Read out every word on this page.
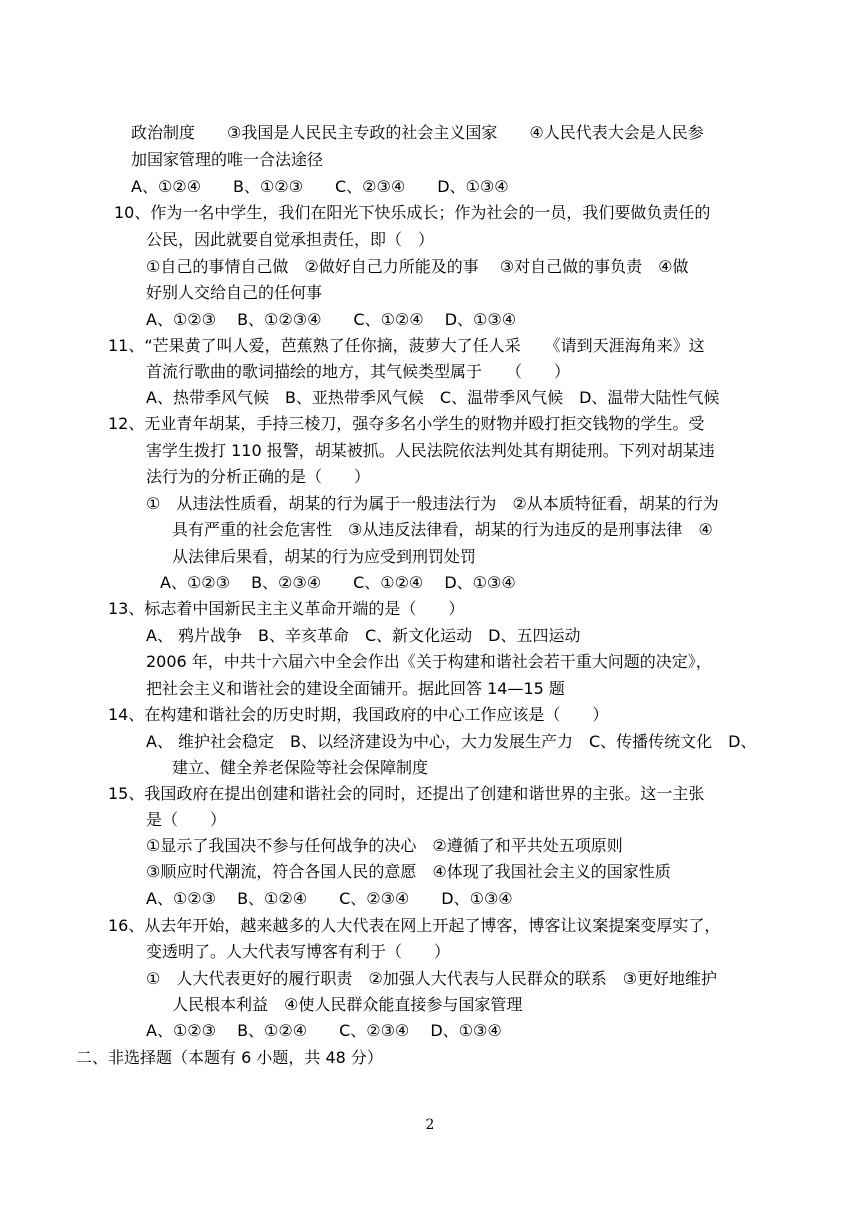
政治制度　　③我国是人民民主专政的社会主义国家　　④人民代表大会是人民参
加国家管理的唯一合法途径
A、①②④　　B、①②③　　C、②③④　　D、①③④
10、作为一名中学生，我们在阳光下快乐成长；作为社会的一员，我们要做负责任的
公民，因此就要自觉承担责任，即（　）
①自己的事情自己做　②做好自己力所能及的事　 ③对自己做的事负责　④做
好别人交给自己的任何事
A、①②③　 B、①②③④　　C、①②④　 D、①③④
11、“芒果黄了叫人爱，芭蕉熟了任你摘，菠萝大了任人采　　《请到天涯海角来》这
首流行歌曲的歌词描绘的地方，其气候类型属于　　（　　）
A、热带季风气候　B、亚热带季风气候　C、温带季风气候　D、温带大陆性气候
12、无业青年胡某，手持三棱刀，强夺多名小学生的财物并殴打拒交钱物的学生。受
害学生拨打 110 报警，胡某被抓。人民法院依法判处其有期徒刑。下列对胡某违
法行为的分析正确的是（　　）
①　从违法性质看，胡某的行为属于一般违法行为　②从本质特征看，胡某的行为
具有严重的社会危害性　③从违反法律看，胡某的行为违反的是刑事法律　④
从法律后果看，胡某的行为应受到刑罚处罚
A、①②③　 B、②③④　　C、①②④　 D、①③④
13、标志着中国新民主主义革命开端的是（　　）
A、 鸦片战争　B、辛亥革命　C、新文化运动　D、五四运动
2006 年，中共十六届六中全会作出《关于构建和谐社会若干重大问题的决定》，
把社会主义和谐社会的建设全面铺开。据此回答 14—15 题
14、在构建和谐社会的历史时期，我国政府的中心工作应该是（　　）
A、 维护社会稳定　B、以经济建设为中心，大力发展生产力　C、传播传统文化　D、
建立、健全养老保险等社会保障制度
15、我国政府在提出创建和谐社会的同时，还提出了创建和谐世界的主张。这一主张
是（　　）
①显示了我国决不参与任何战争的决心　②遵循了和平共处五项原则
③顺应时代潮流，符合各国人民的意愿　④体现了我国社会主义的国家性质
A、①②③　 B、①②④　　C、②③④　　D、①③④
16、从去年开始，越来越多的人大代表在网上开起了博客，博客让议案提案变厚实了，
变透明了。人大代表写博客有利于（　　）
①　人大代表更好的履行职责　②加强人大代表与人民群众的联系　③更好地维护
人民根本利益　④使人民群众能直接参与国家管理
A、①②③　 B、①②④　　C、②③④　 D、①③④
二、非选择题（本题有 6 小题，共 48 分）
2
